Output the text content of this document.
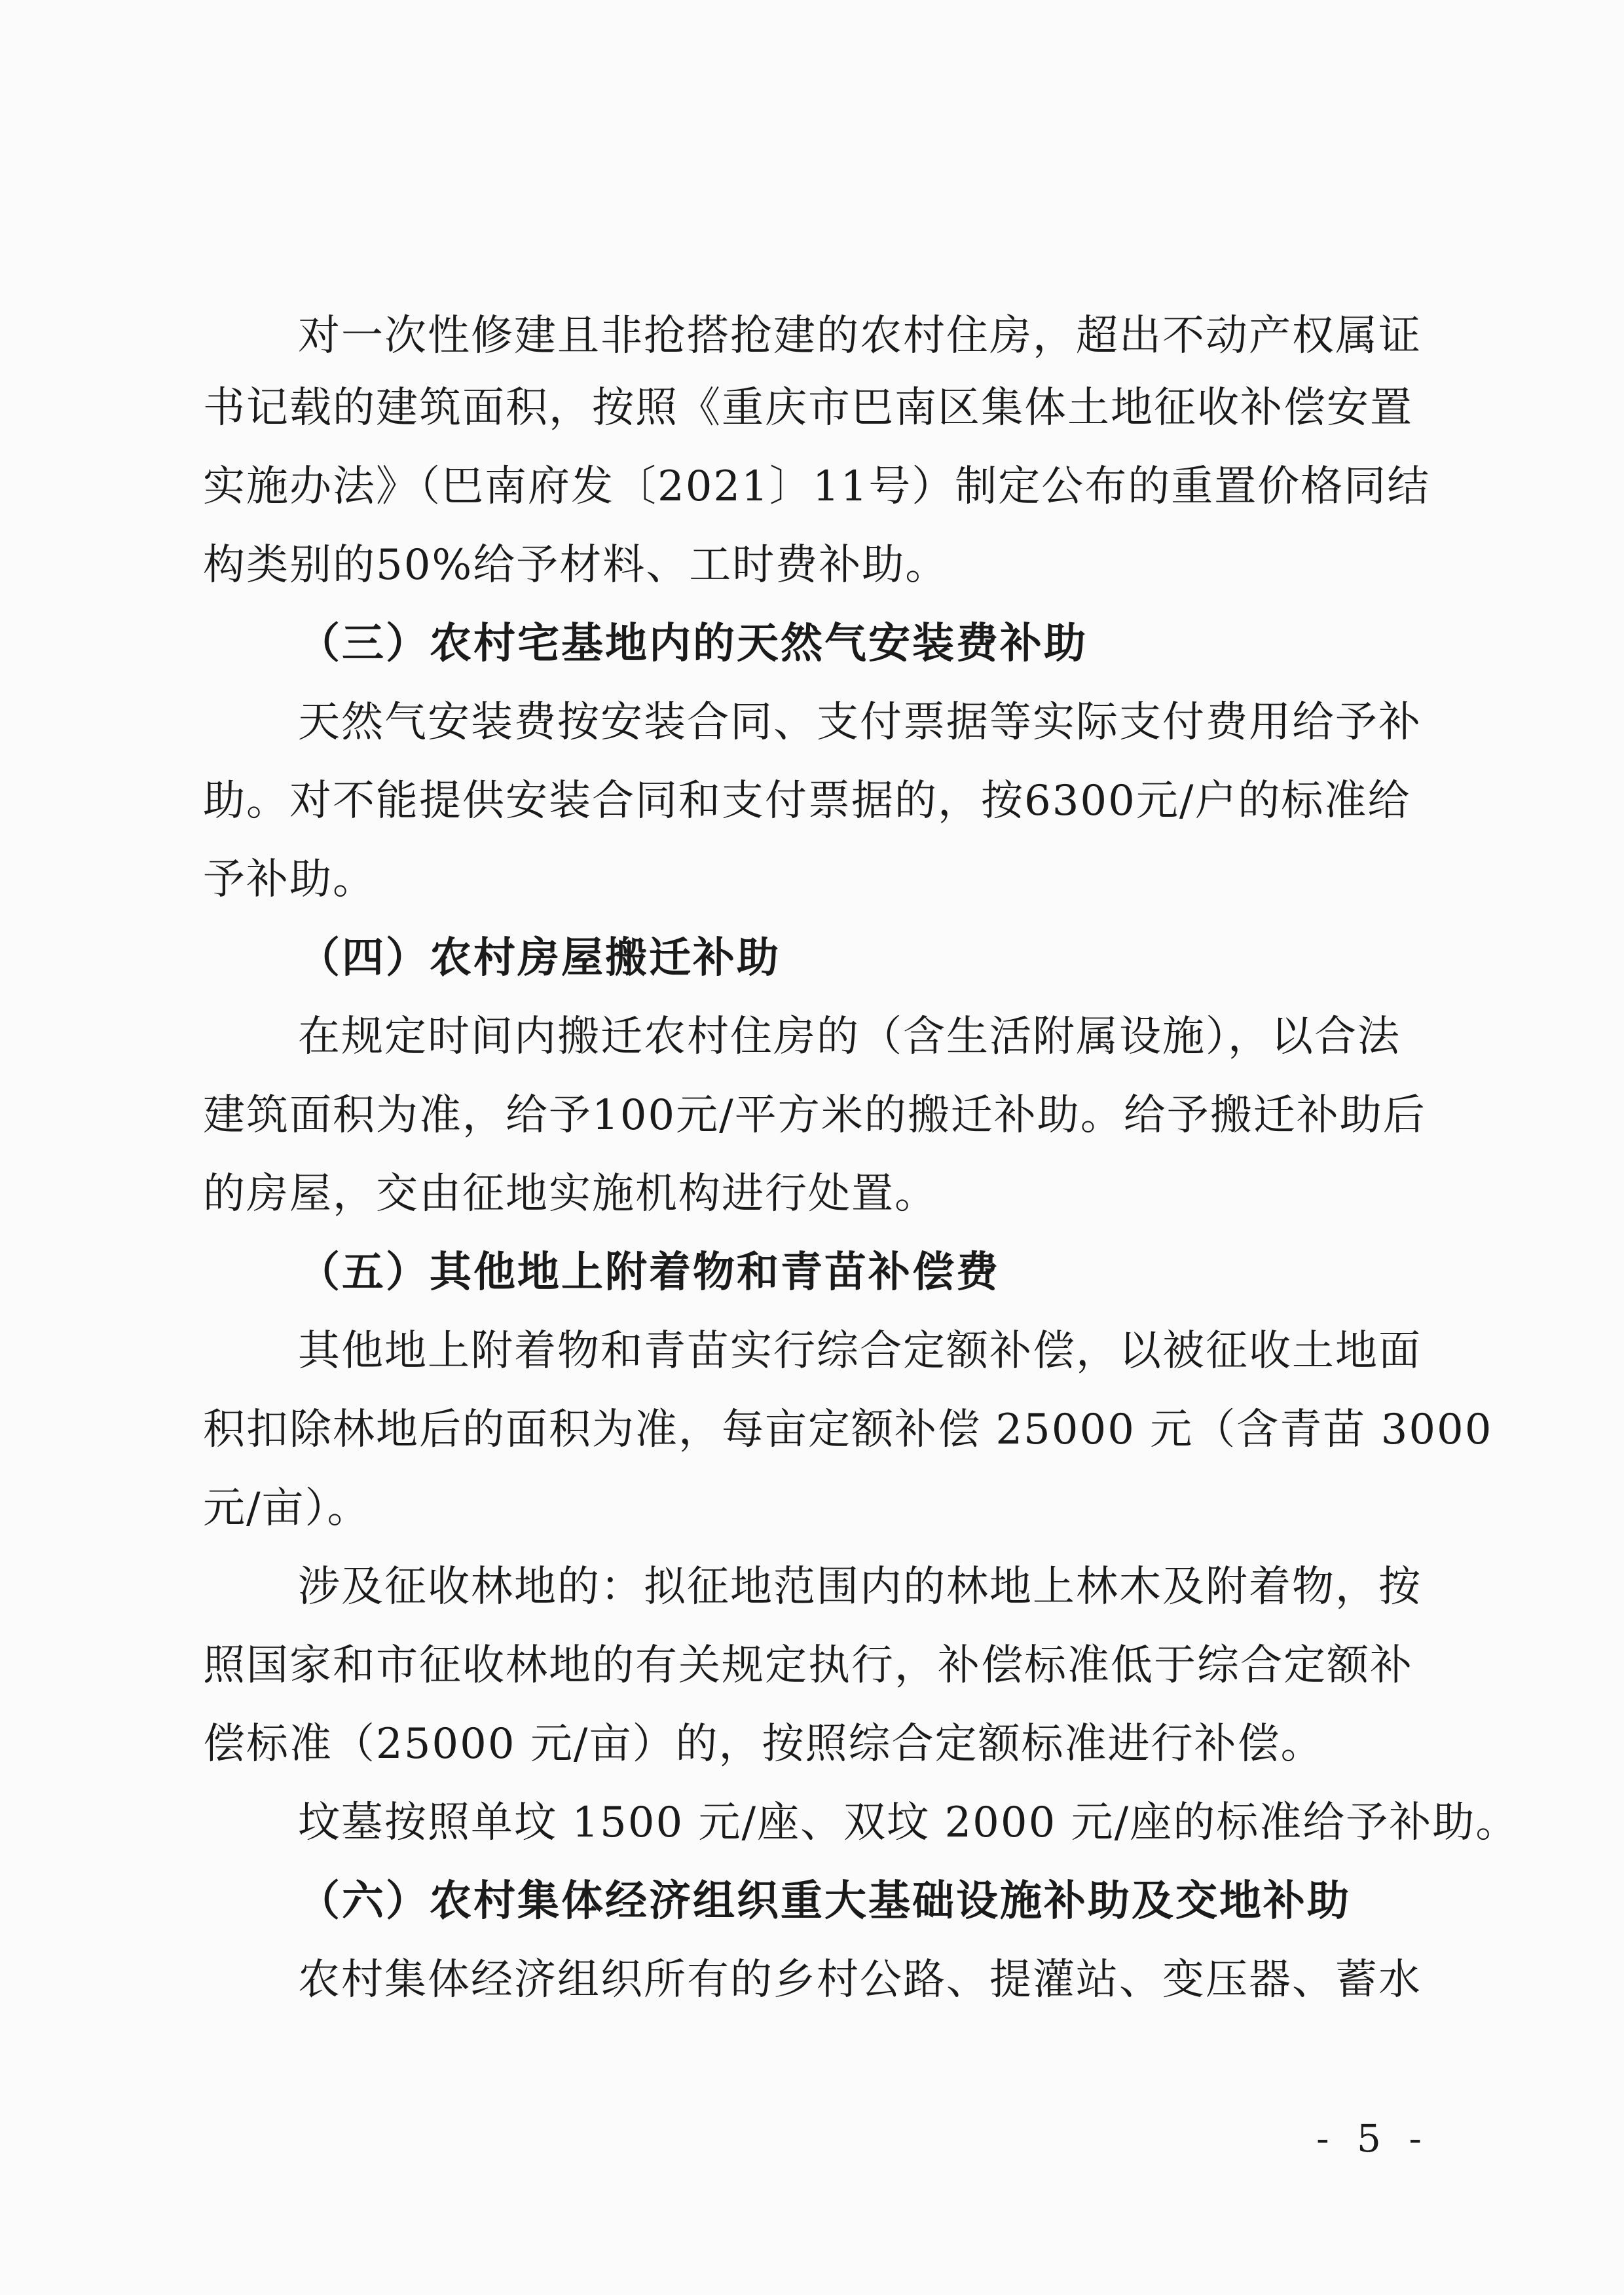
对一次性修建且非抢搭抢建的农村住房，超出不动产权属证
书记载的建筑面积，按照《重庆市巴南区集体土地征收补偿安置
实施办法》（巴南府发〔2021〕11号）制定公布的重置价格同结
构类别的50%给予材料、工时费补助。
（三）农村宅基地内的天然气安装费补助
天然气安装费按安装合同、支付票据等实际支付费用给予补
助。对不能提供安装合同和支付票据的，按6300元/户的标准给
予补助。
（四）农村房屋搬迁补助
在规定时间内搬迁农村住房的（含生活附属设施），以合法
建筑面积为准，给予100元/平方米的搬迁补助。给予搬迁补助后
的房屋，交由征地实施机构进行处置。
（五）其他地上附着物和青苗补偿费
其他地上附着物和青苗实行综合定额补偿，以被征收土地面
积扣除林地后的面积为准，每亩定额补偿 25000 元（含青苗 3000
元/亩）。
涉及征收林地的：拟征地范围内的林地上林木及附着物，按
照国家和市征收林地的有关规定执行，补偿标准低于综合定额补
偿标准（25000 元/亩）的，按照综合定额标准进行补偿。
坟墓按照单坟 1500 元/座、双坟 2000 元/座的标准给予补助。
（六）农村集体经济组织重大基础设施补助及交地补助
农村集体经济组织所有的乡村公路、提灌站、变压器、蓄水
- 5 -
